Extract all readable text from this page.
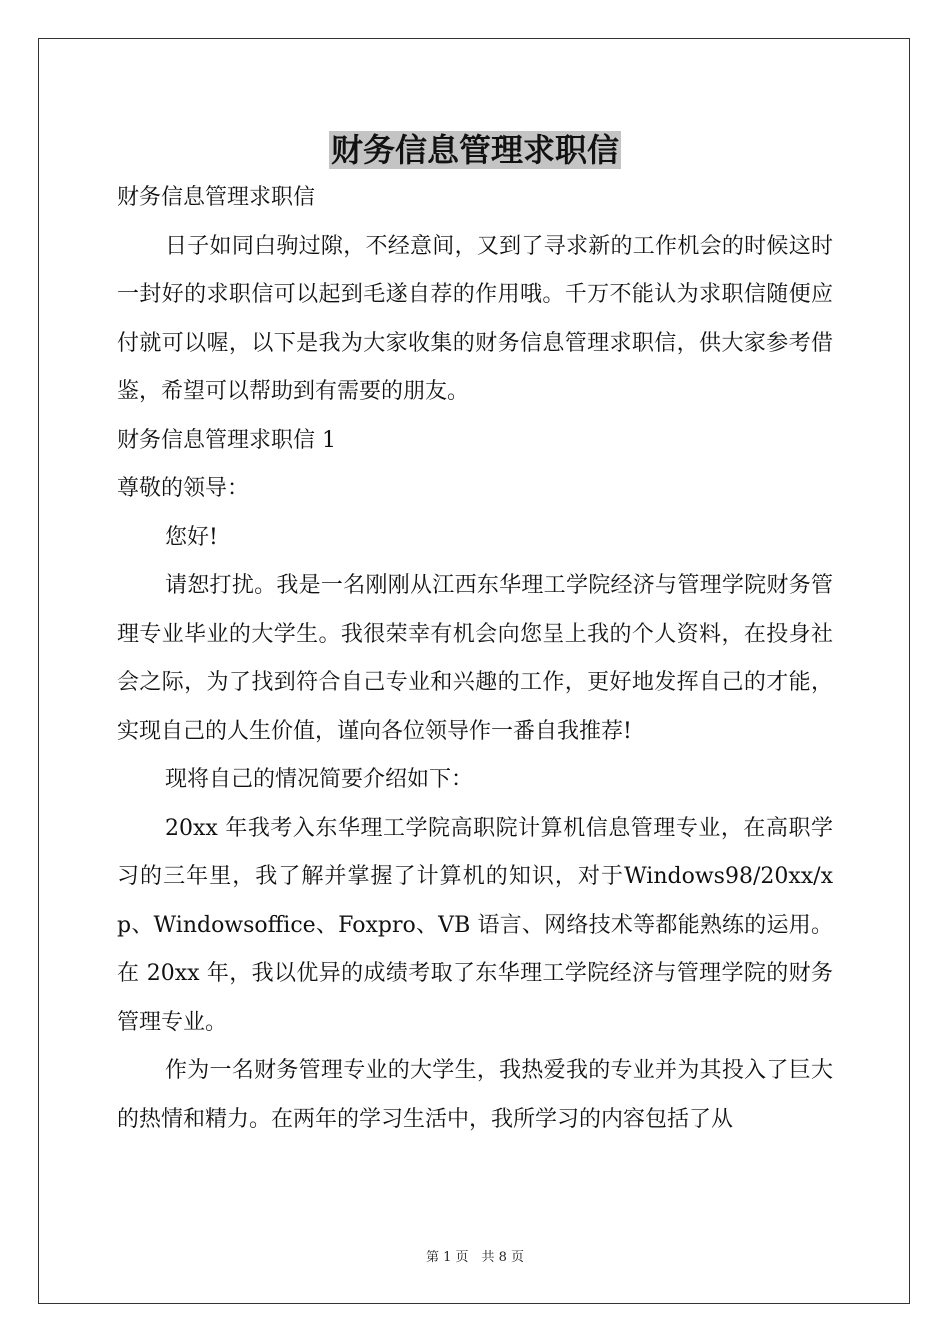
财务信息管理求职信

财务信息管理求职信

日子如同白驹过隙，不经意间，又到了寻求新的工作机会的时候这时一封好的求职信可以起到毛遂自荐的作用哦。千万不能认为求职信随便应付就可以喔，以下是我为大家收集的财务信息管理求职信，供大家参考借鉴，希望可以帮助到有需要的朋友。

财务信息管理求职信 1

尊敬的领导：

您好!

请恕打扰。我是一名刚刚从江西东华理工学院经济与管理学院财务管理专业毕业的大学生。我很荣幸有机会向您呈上我的个人资料，在投身社会之际，为了找到符合自己专业和兴趣的工作，更好地发挥自己的才能，实现自己的人生价值，谨向各位领导作一番自我推荐!

现将自己的情况简要介绍如下：

20xx 年我考入东华理工学院高职院计算机信息管理专业，在高职学习的三年里，我了解并掌握了计算机的知识，对于Windows98/20xx/xp、Windowsoffice、Foxpro、VB 语言、网络技术等都能熟练的运用。在 20xx 年，我以优异的成绩考取了东华理工学院经济与管理学院的财务管理专业。

作为一名财务管理专业的大学生，我热爱我的专业并为其投入了巨大的热情和精力。在两年的学习生活中，我所学习的内容包括了从

第 1 页　共 8 页
